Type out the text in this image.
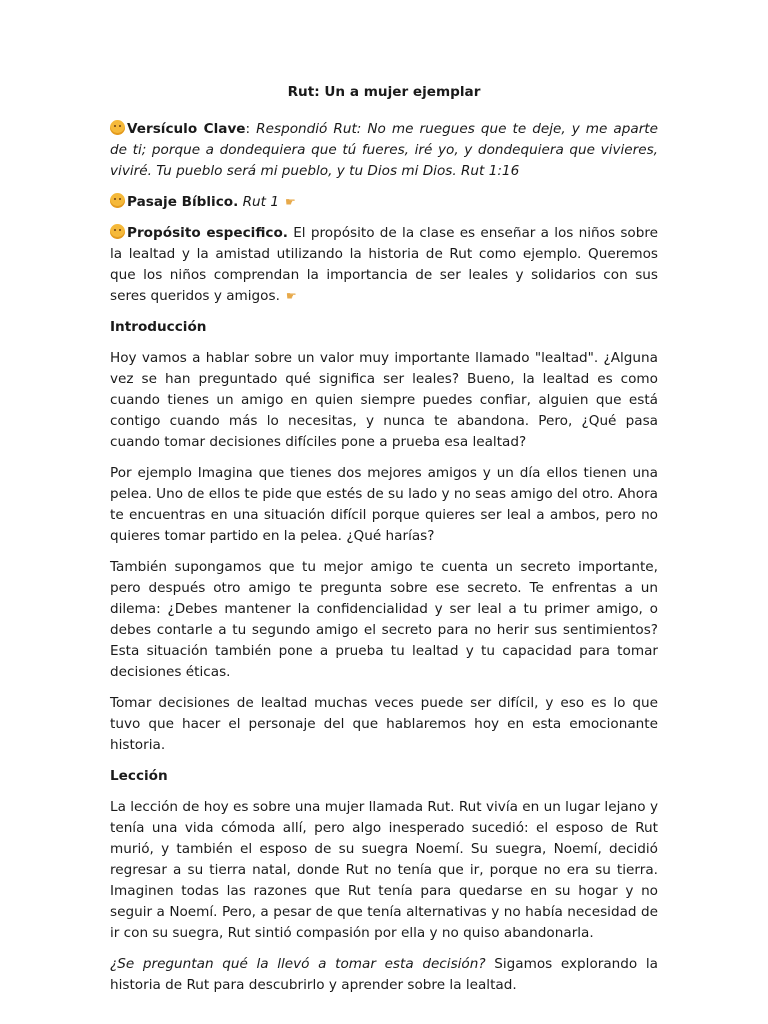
Rut: Un a mujer ejemplar

Versículo Clave: Respondió Rut: No me ruegues que te deje, y me aparte de ti; porque a dondequiera que tú fueres, iré yo, y dondequiera que vivieres, viviré. Tu pueblo será mi pueblo, y tu Dios mi Dios. Rut 1:16

Pasaje Bíblico. Rut 1 ☛

Propósito especifico. El propósito de la clase es enseñar a los niños sobre la lealtad y la amistad utilizando la historia de Rut como ejemplo. Queremos que los niños comprendan la importancia de ser leales y solidarios con sus seres queridos y amigos. ☛

Introducción

Hoy vamos a hablar sobre un valor muy importante llamado "lealtad". ¿Alguna vez se han preguntado qué significa ser leales? Bueno, la lealtad es como cuando tienes un amigo en quien siempre puedes confiar, alguien que está contigo cuando más lo necesitas, y nunca te abandona. Pero, ¿Qué pasa cuando tomar decisiones difíciles pone a prueba esa lealtad?

Por ejemplo Imagina que tienes dos mejores amigos y un día ellos tienen una pelea. Uno de ellos te pide que estés de su lado y no seas amigo del otro. Ahora te encuentras en una situación difícil porque quieres ser leal a ambos, pero no quieres tomar partido en la pelea. ¿Qué harías?

También supongamos que tu mejor amigo te cuenta un secreto importante, pero después otro amigo te pregunta sobre ese secreto. Te enfrentas a un dilema: ¿Debes mantener la confidencialidad y ser leal a tu primer amigo, o debes contarle a tu segundo amigo el secreto para no herir sus sentimientos? Esta situación también pone a prueba tu lealtad y tu capacidad para tomar decisiones éticas.

Tomar decisiones de lealtad muchas veces puede ser difícil, y eso es lo que tuvo que hacer el personaje del que hablaremos hoy en esta emocionante historia.

Lección

La lección de hoy es sobre una mujer llamada Rut. Rut vivía en un lugar lejano y tenía una vida cómoda allí, pero algo inesperado sucedió: el esposo de Rut murió, y también el esposo de su suegra Noemí. Su suegra, Noemí, decidió regresar a su tierra natal, donde Rut no tenía que ir, porque no era su tierra. Imaginen todas las razones que Rut tenía para quedarse en su hogar y no seguir a Noemí. Pero, a pesar de que tenía alternativas y no había necesidad de ir con su suegra, Rut sintió compasión por ella y no quiso abandonarla.

¿Se preguntan qué la llevó a tomar esta decisión? Sigamos explorando la historia de Rut para descubrirlo y aprender sobre la lealtad.
